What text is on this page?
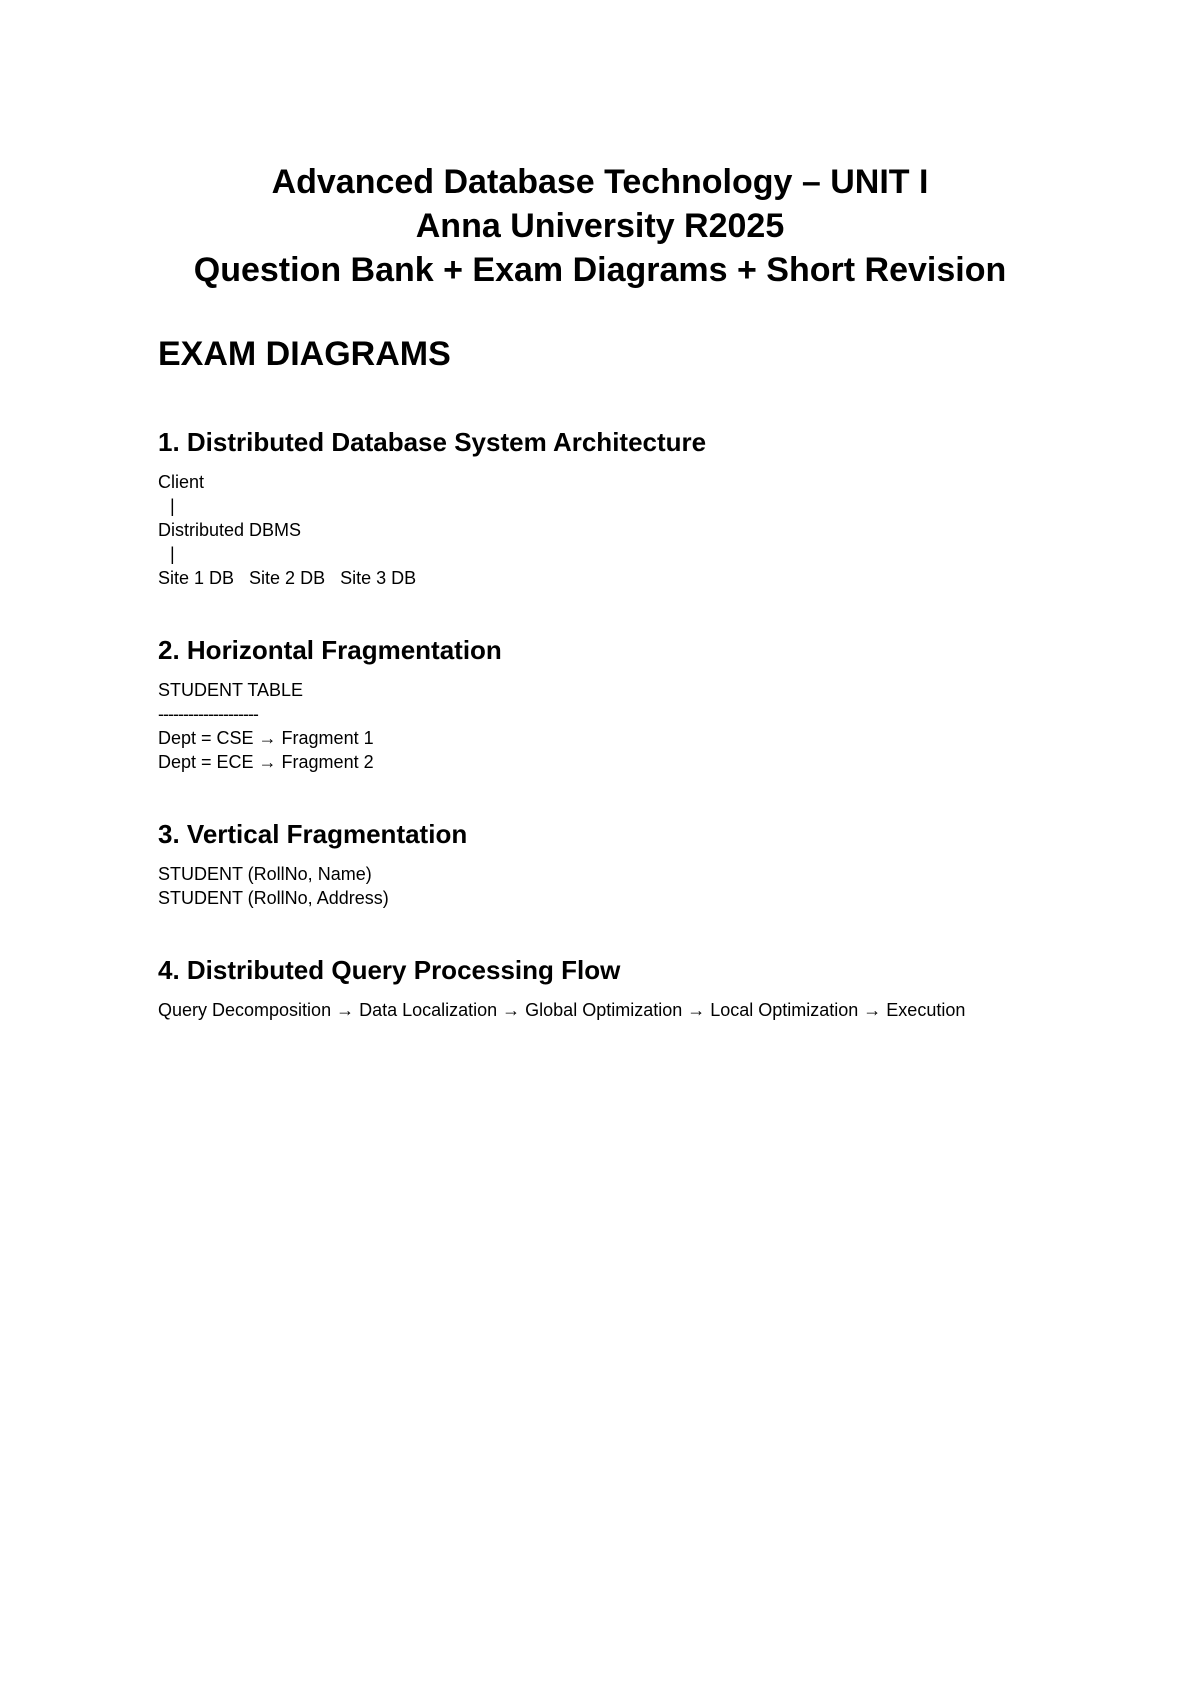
Advanced Database Technology – UNIT I
Anna University R2025
Question Bank + Exam Diagrams + Short Revision
EXAM DIAGRAMS
1. Distributed Database System Architecture
Client
|
Distributed DBMS
|
Site 1 DB   Site 2 DB   Site 3 DB
2. Horizontal Fragmentation
STUDENT TABLE
--------------------
Dept = CSE → Fragment 1
Dept = ECE → Fragment 2
3. Vertical Fragmentation
STUDENT (RollNo, Name)
STUDENT (RollNo, Address)
4. Distributed Query Processing Flow
Query Decomposition → Data Localization → Global Optimization → Local Optimization → Execution
